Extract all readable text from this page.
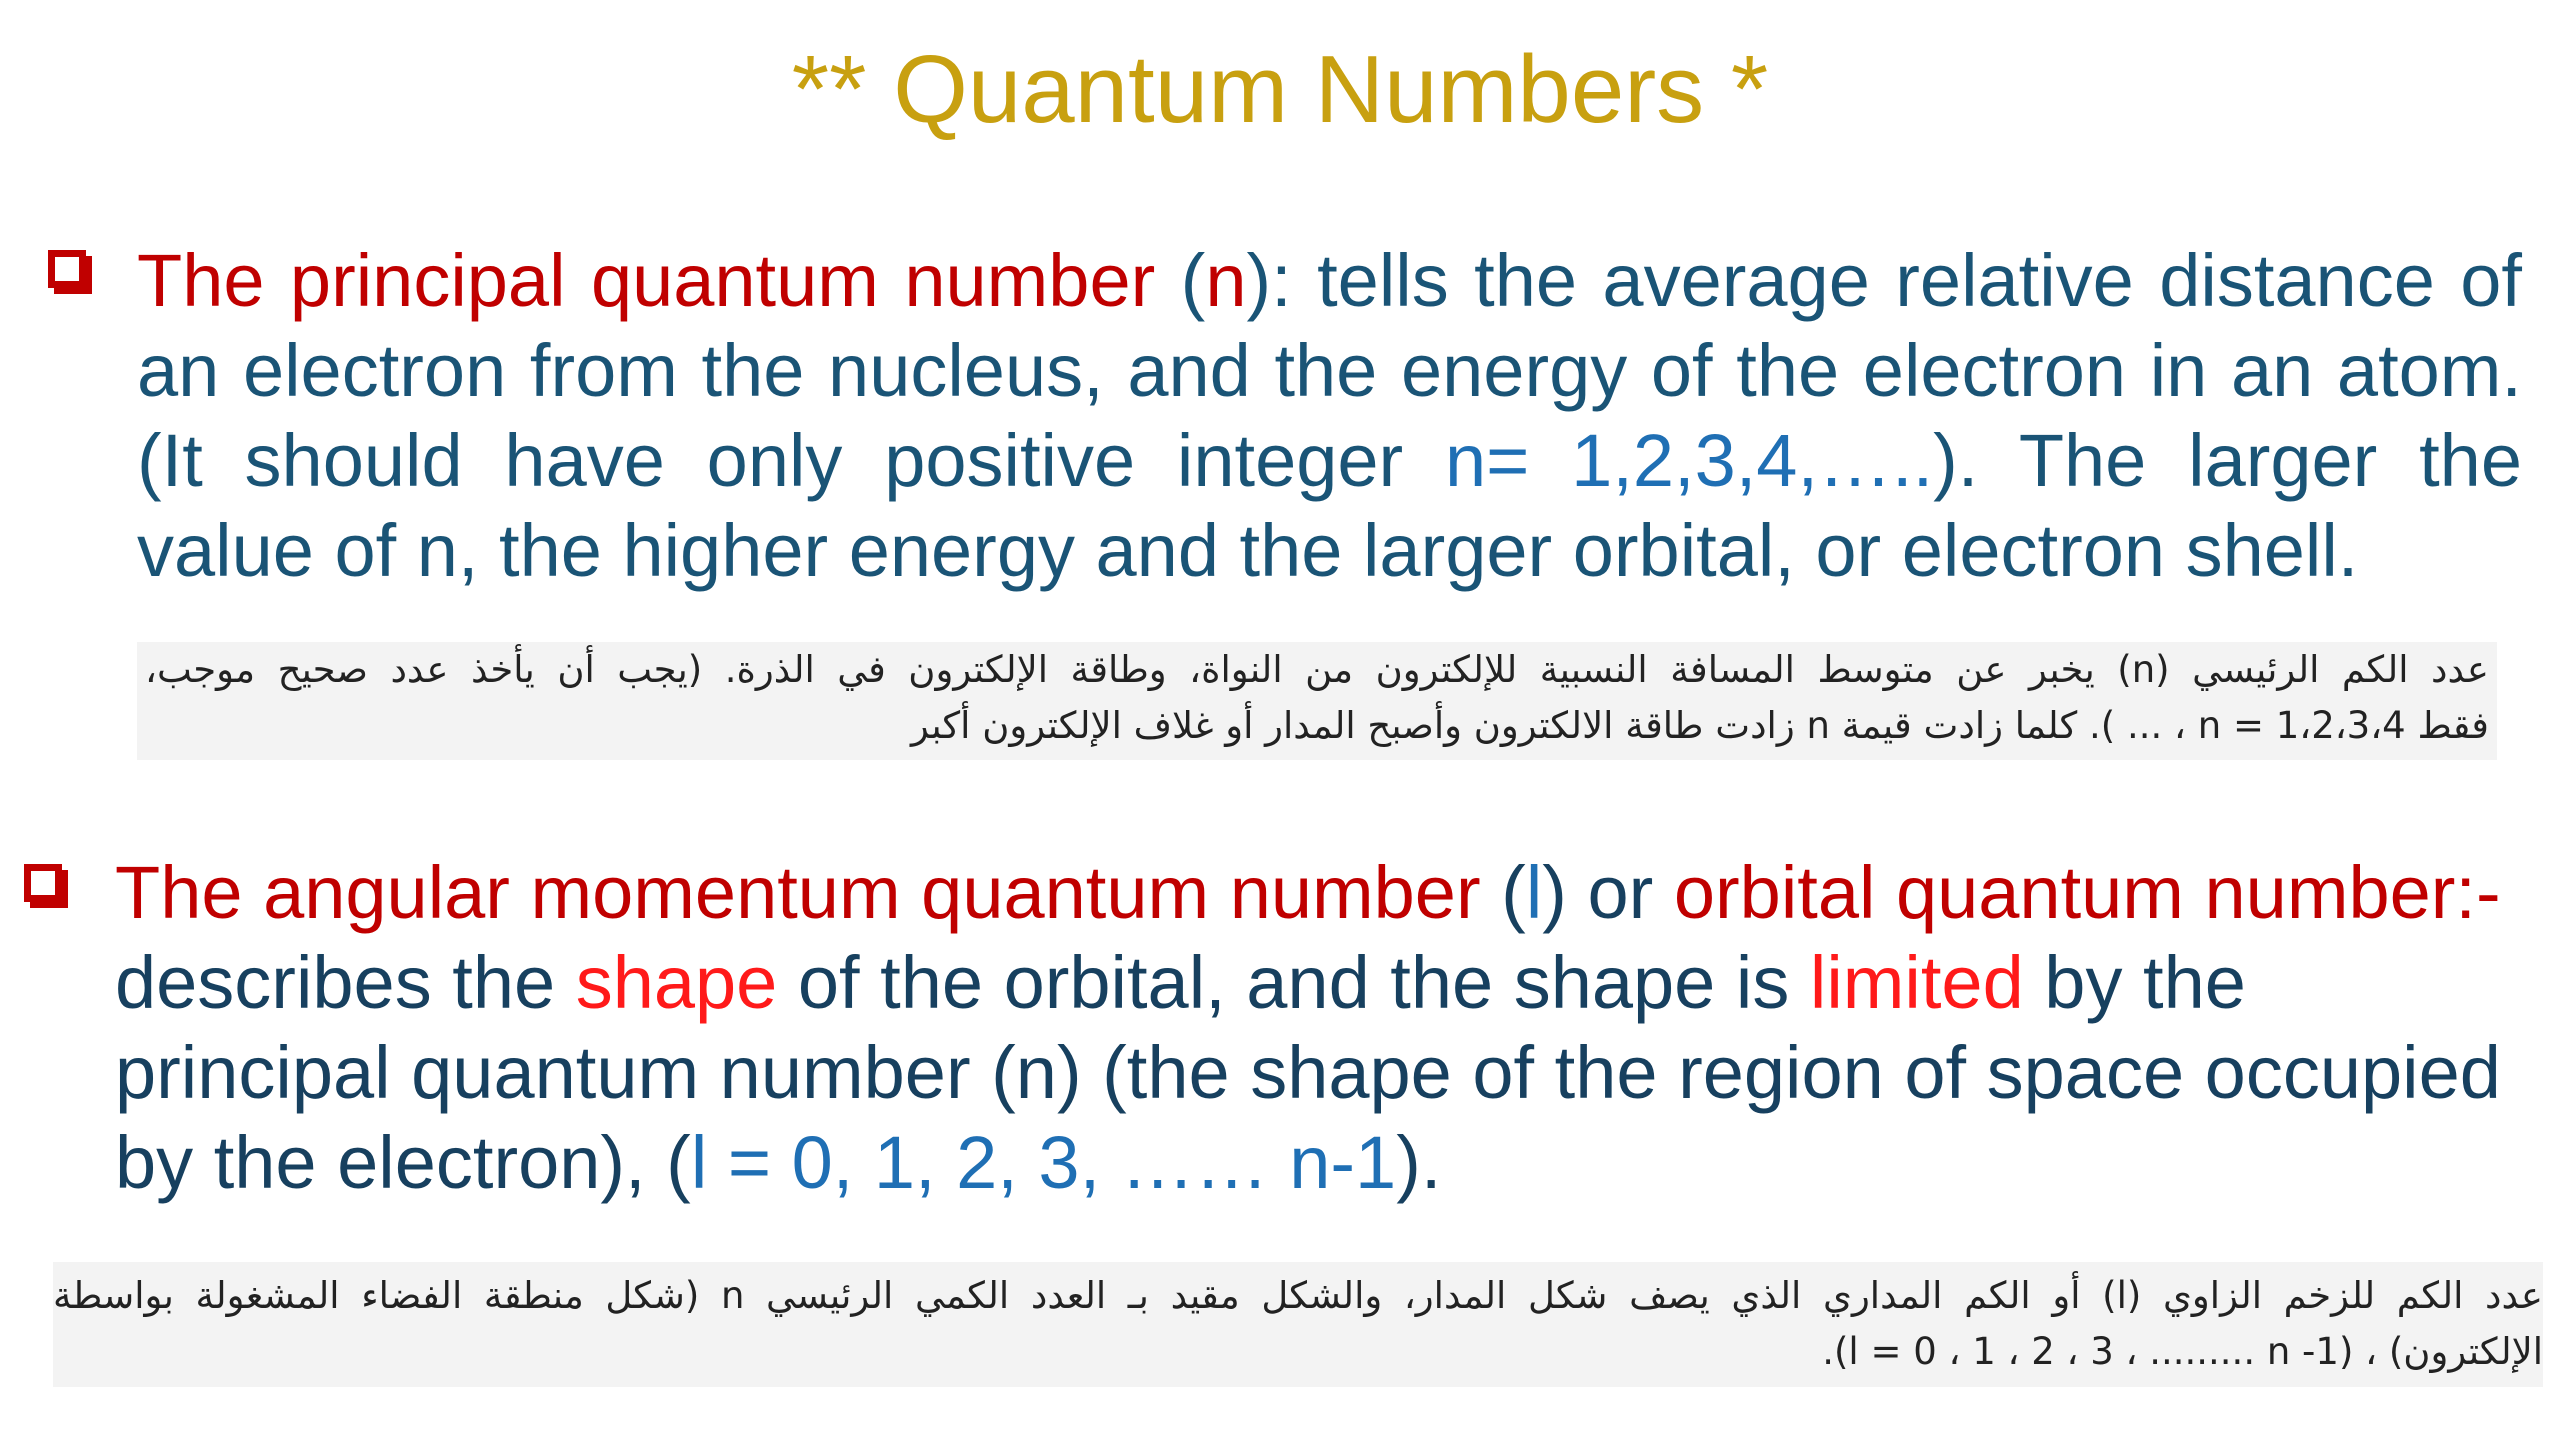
** Quantum Numbers *
The principal quantum number (n): tells the average relative distance of
an electron from the nucleus, and the energy of the electron in an atom.
(It should have only positive integer n= 1,2,3,4,…..). The larger the
value of n, the higher energy and the larger orbital, or electron shell.
عدد الكم الرئيسي (n) يخبر عن متوسط المسافة النسبية للإلكترون من النواة، وطاقة الإلكترون في الذرة. (يجب أن يأخذ عدد صحيح موجب،
فقط n = 1،2،3،4 ، ... ). كلما زادت قيمة n زادت طاقة الالكترون وأصبح المدار أو غلاف الإلكترون أكبر
The angular momentum quantum number (l) or orbital quantum number:-
describes the shape of the orbital, and the shape is limited by the
principal quantum number (n) (the shape of the region of space occupied
by the electron), (l = 0, 1, 2, 3, …… n-1).
عدد الكم للزخم الزاوي (l) أو الكم المداري الذي يصف شكل المدار، والشكل مقيد بـ العدد الكمي الرئيسي n (شكل منطقة الفضاء المشغولة بواسطة
الإلكترون) ، (l = 0 ، 1 ، 2 ، 3 ، ......... n -1).
